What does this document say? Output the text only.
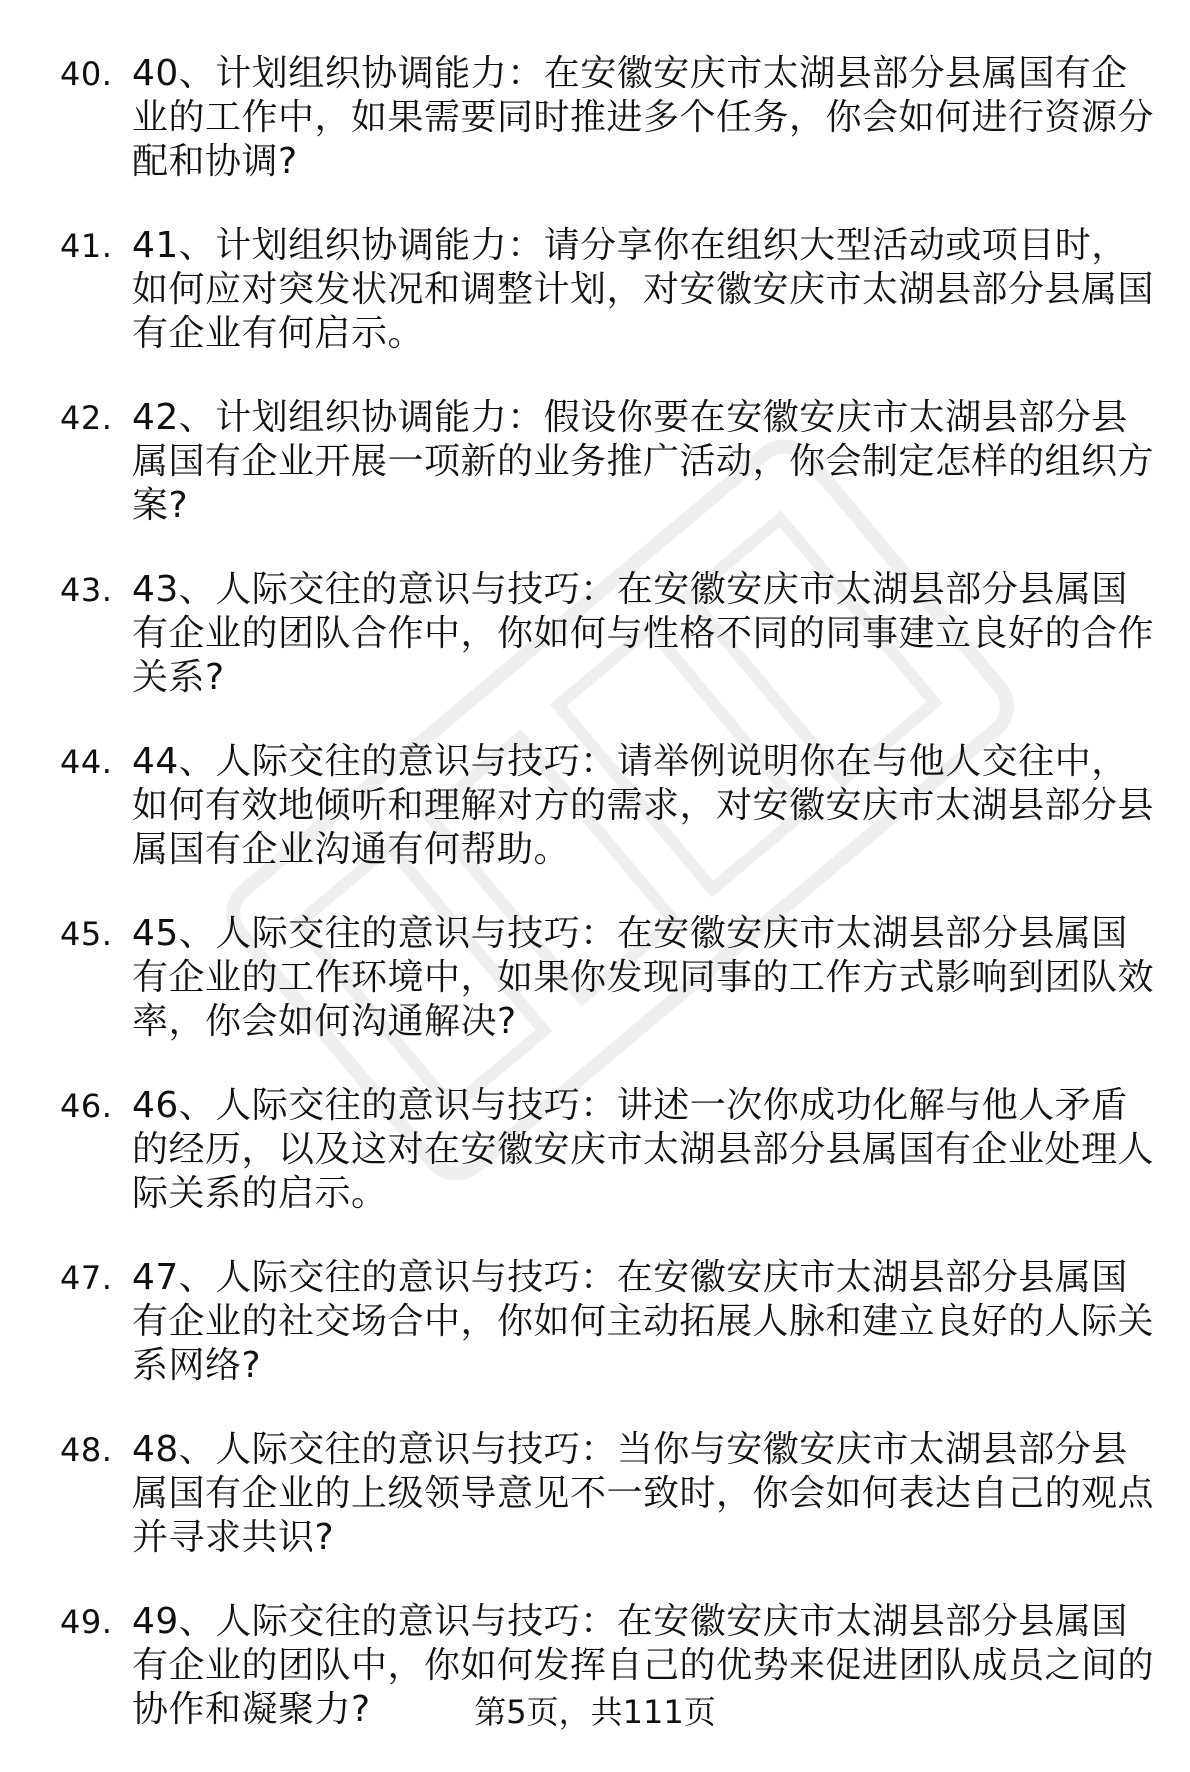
40. 40、计划组织协调能力：在安徽安庆市太湖县部分县属国有企业的工作中，如果需要同时推进多个任务，你会如何进行资源分配和协调?
41. 41、计划组织协调能力：请分享你在组织大型活动或项目时，如何应对突发状况和调整计划，对安徽安庆市太湖县部分县属国有企业有何启示。
42. 42、计划组织协调能力：假设你要在安徽安庆市太湖县部分县属国有企业开展一项新的业务推广活动，你会制定怎样的组织方案?
43. 43、人际交往的意识与技巧：在安徽安庆市太湖县部分县属国有企业的团队合作中，你如何与性格不同的同事建立良好的合作关系?
44. 44、人际交往的意识与技巧：请举例说明你在与他人交往中，如何有效地倾听和理解对方的需求，对安徽安庆市太湖县部分县属国有企业沟通有何帮助。
45. 45、人际交往的意识与技巧：在安徽安庆市太湖县部分县属国有企业的工作环境中，如果你发现同事的工作方式影响到团队效率，你会如何沟通解决?
46. 46、人际交往的意识与技巧：讲述一次你成功化解与他人矛盾的经历，以及这对在安徽安庆市太湖县部分县属国有企业处理人际关系的启示。
47. 47、人际交往的意识与技巧：在安徽安庆市太湖县部分县属国有企业的社交场合中，你如何主动拓展人脉和建立良好的人际关系网络?
48. 48、人际交往的意识与技巧：当你与安徽安庆市太湖县部分县属国有企业的上级领导意见不一致时，你会如何表达自己的观点并寻求共识?
49. 49、人际交往的意识与技巧：在安徽安庆市太湖县部分县属国有企业的团队中，你如何发挥自己的优势来促进团队成员之间的协作和凝聚力?	第5页，共111页
